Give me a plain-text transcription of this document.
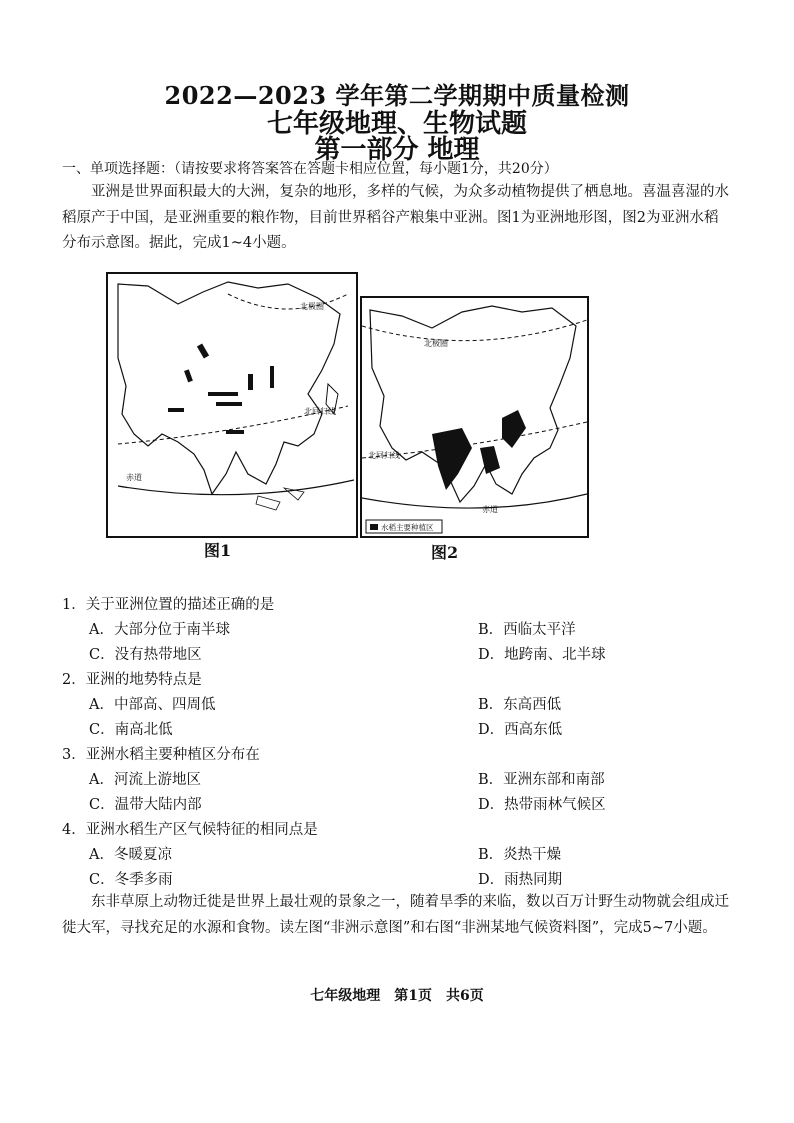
2022—2023 学年第二学期期中质量检测
七年级地理、生物试题
第一部分 地理
一、单项选择题：（请按要求将答案答在答题卡相应位置，每小题1分，共20分）

亚洲是世界面积最大的大洲，复杂的地形，多样的气候，为众多动植物提供了栖息地。喜温喜湿的水稻原产于中国，是亚洲重要的粮作物，目前世界稻谷产粮集中亚洲。图1为亚洲地形图，图2为亚洲水稻分布示意图。据此，完成1~4小题。

北极圈
北回归线
赤道
图1
北极圈
北回归线
赤道
水稻主要种植区
图2
1．关于亚洲位置的描述正确的是
A．大部分位于南半球	B．西临太平洋
C．没有热带地区	D．地跨南、北半球
2．亚洲的地势特点是
A．中部高、四周低	B．东高西低
C．南高北低	D．西高东低
3．亚洲水稻主要种植区分布在
A．河流上游地区	B．亚洲东部和南部
C．温带大陆内部	D．热带雨林气候区
4．亚洲水稻生产区气候特征的相同点是
A．冬暖夏凉	B．炎热干燥
C．冬季多雨	D．雨热同期

东非草原上动物迁徙是世界上最壮观的景象之一，随着旱季的来临，数以百万计野生动物就会组成迁徙大军，寻找充足的水源和食物。读左图“非洲示意图”和右图“非洲某地气候资料图”，完成5~7小题。

七年级地理　第1页　共6页
